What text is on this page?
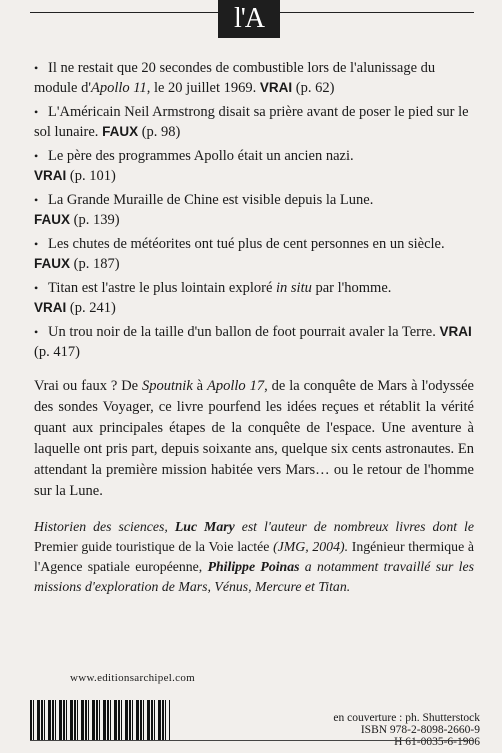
l'A
• Il ne restait que 20 secondes de combustible lors de l'alunissage du module d'Apollo 11, le 20 juillet 1969. VRAI (p. 62)
• L'Américain Neil Armstrong disait sa prière avant de poser le pied sur le sol lunaire. FAUX (p. 98)
• Le père des programmes Apollo était un ancien nazi.
VRAI (p. 101)
• La Grande Muraille de Chine est visible depuis la Lune.
FAUX (p. 139)
• Les chutes de météorites ont tué plus de cent personnes en un siècle. FAUX (p. 187)
• Titan est l'astre le plus lointain exploré in situ par l'homme.
VRAI (p. 241)
• Un trou noir de la taille d'un ballon de foot pourrait avaler la Terre. VRAI (p. 417)
Vrai ou faux ? De Spoutnik à Apollo 17, de la conquête de Mars à l'odyssée des sondes Voyager, ce livre pourfend les idées reçues et rétablit la vérité quant aux principales étapes de la conquête de l'espace. Une aventure à laquelle ont pris part, depuis soixante ans, quelque six cents astronautes. En attendant la première mission habitée vers Mars… ou le retour de l'homme sur la Lune.
Historien des sciences, Luc Mary est l'auteur de nombreux livres dont le Premier guide touristique de la Voie lactée (JMG, 2004). Ingénieur thermique à l'Agence spatiale européenne, Philippe Poinas a notamment travaillé sur les missions d'exploration de Mars, Vénus, Mercure et Titan.
www.editionsarchipel.com
en couverture : ph. Shutterstock
ISBN 978-2-8098-2660-9
H 61-0035-6-1906
